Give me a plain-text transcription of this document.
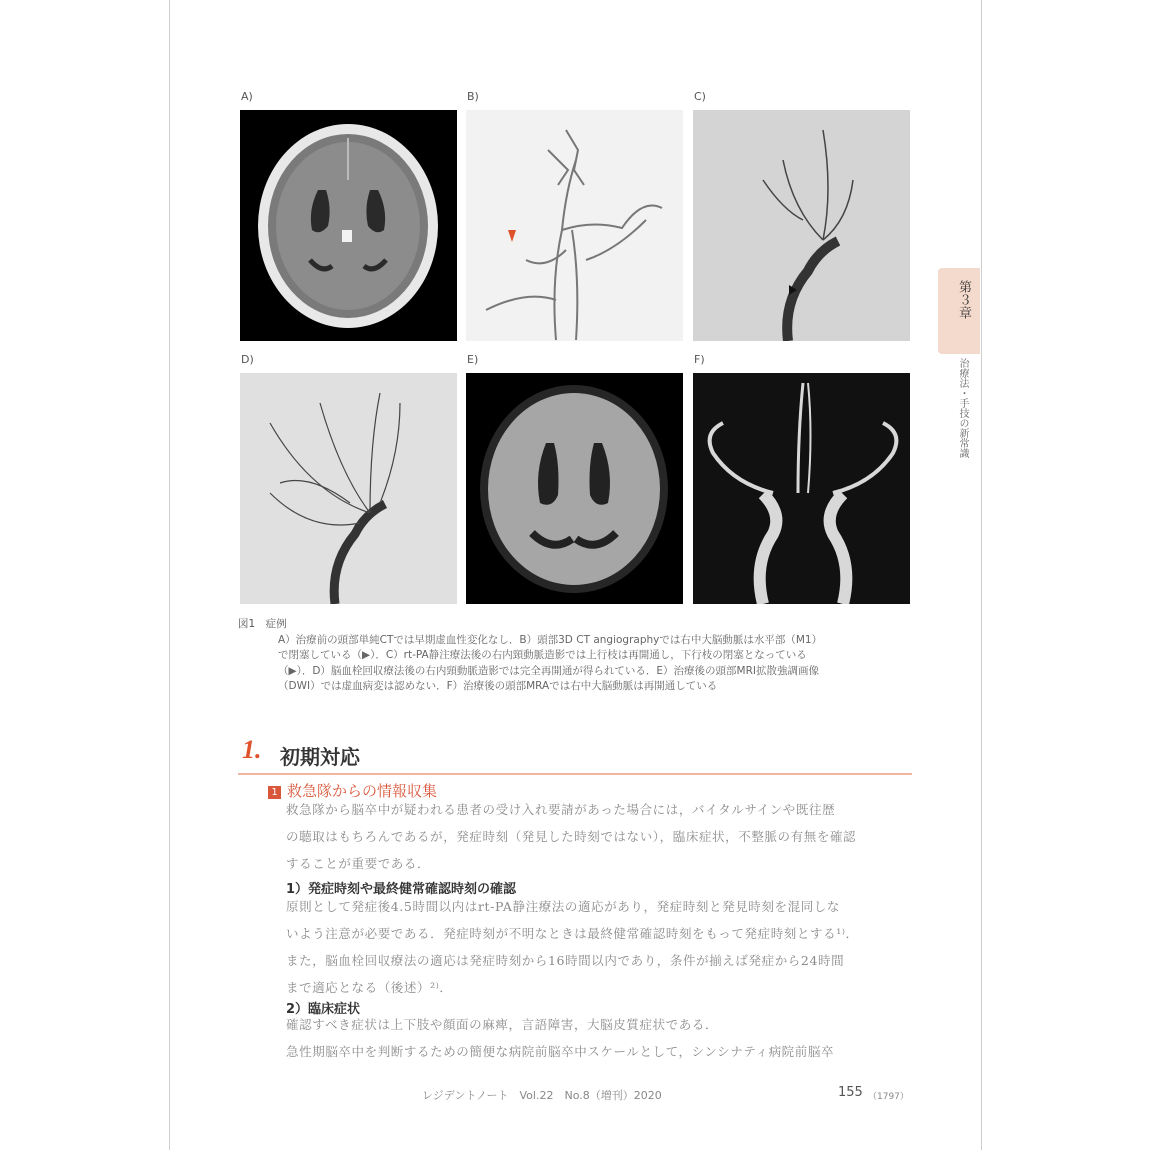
A)	B)	C)
D)	E)	F)
第３章
治療法・手技の新常識
図1　症例
A）治療前の頭部単純CTでは早期虚血性変化なし．B）頭部3D CT angiographyでは右中大脳動脈は水平部（M1）
で閉塞している（▶）．C）rt-PA静注療法後の右内頸動脈造影では上行枝は再開通し，下行枝の閉塞となっている
（▶）．D）脳血栓回収療法後の右内頸動脈造影では完全再開通が得られている．E）治療後の頭部MRI拡散強調画像
（DWI）では虚血病変は認めない．F）治療後の頭部MRAでは右中大脳動脈は再開通している
1. 初期対応
1 救急隊からの情報収集
救急隊から脳卒中が疑われる患者の受け入れ要請があった場合には，バイタルサインや既往歴
の聴取はもちろんであるが，発症時刻（発見した時刻ではない），臨床症状，不整脈の有無を確認
することが重要である．
1）発症時刻や最終健常確認時刻の確認
原則として発症後4.5時間以内はrt-PA静注療法の適応があり，発症時刻と発見時刻を混同しな
いよう注意が必要である．発症時刻が不明なときは最終健常確認時刻をもって発症時刻とする¹⁾．
また，脳血栓回収療法の適応は発症時刻から16時間以内であり，条件が揃えば発症から24時間
まで適応となる（後述）²⁾．
2）臨床症状
確認すべき症状は上下肢や顔面の麻痺，言語障害，大脳皮質症状である．
急性期脳卒中を判断するための簡便な病院前脳卒中スケールとして，シンシナティ病院前脳卒
レジデントノート　Vol.22　No.8（増刊）2020	155 （1797）
